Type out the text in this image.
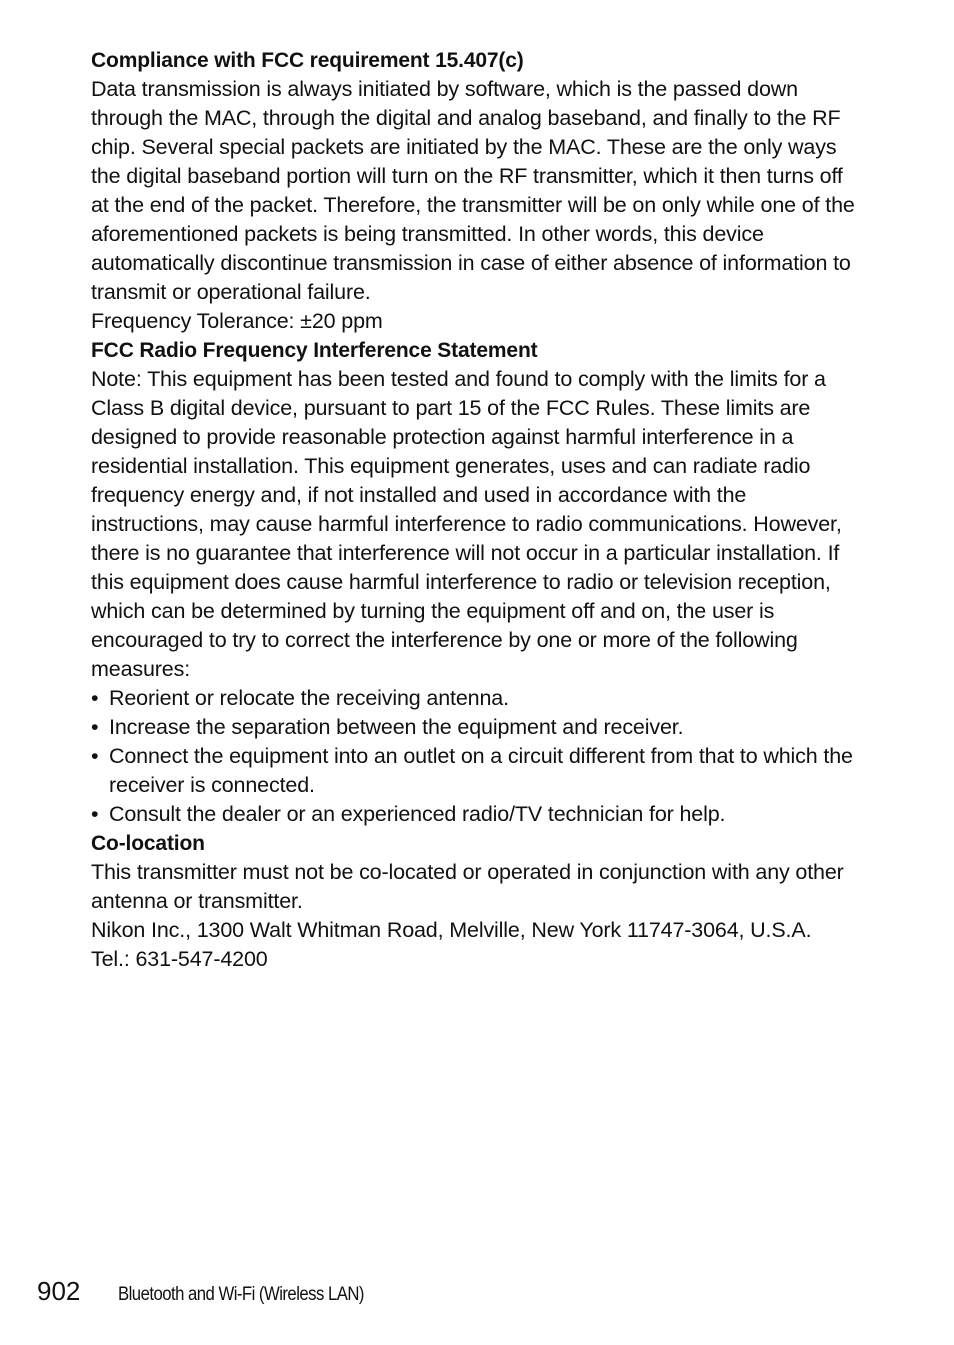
Compliance with FCC requirement 15.407(c)

Data transmission is always initiated by software, which is the passed down through the MAC, through the digital and analog baseband, and finally to the RF chip. Several special packets are initiated by the MAC. These are the only ways the digital baseband portion will turn on the RF transmitter, which it then turns off at the end of the packet. Therefore, the transmitter will be on only while one of the aforementioned packets is being transmitted. In other words, this device automatically discontinue transmission in case of either absence of information to transmit or operational failure.

Frequency Tolerance: ±20 ppm

FCC Radio Frequency Interference Statement

Note: This equipment has been tested and found to comply with the limits for a Class B digital device, pursuant to part 15 of the FCC Rules. These limits are designed to provide reasonable protection against harmful interference in a residential installation. This equipment generates, uses and can radiate radio frequency energy and, if not installed and used in accordance with the instructions, may cause harmful interference to radio communications. However, there is no guarantee that interference will not occur in a particular installation. If this equipment does cause harmful interference to radio or television reception, which can be determined by turning the equipment off and on, the user is encouraged to try to correct the interference by one or more of the following measures:

• Reorient or relocate the receiving antenna.
• Increase the separation between the equipment and receiver.
• Connect the equipment into an outlet on a circuit different from that to which the receiver is connected.
• Consult the dealer or an experienced radio/TV technician for help.
Co-location

This transmitter must not be co-located or operated in conjunction with any other antenna or transmitter.

Nikon Inc., 1300 Walt Whitman Road, Melville, New York 11747-3064, U.S.A.

Tel.: 631-547-4200

902 Bluetooth and Wi-Fi (Wireless LAN)
